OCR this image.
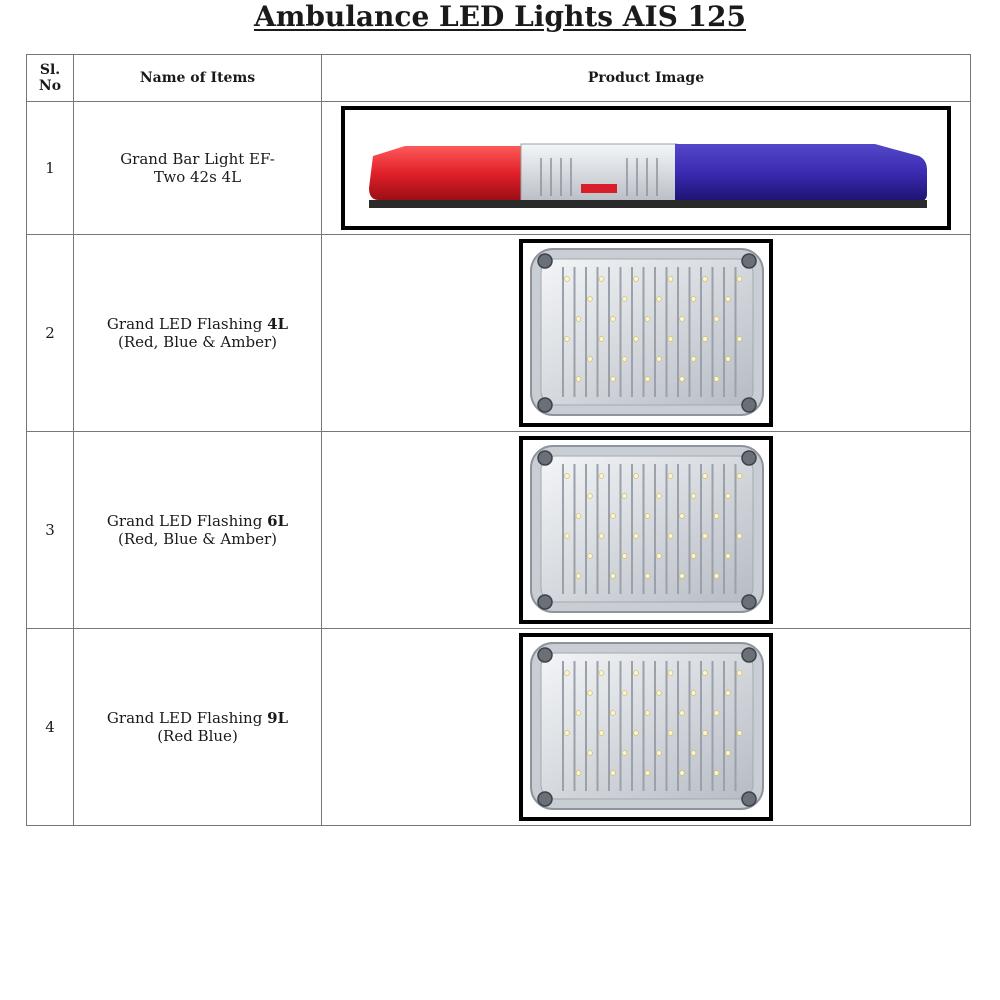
Ambulance LED Lights AIS 125
Sl.
No	Name of Items	Product Image
1	Grand Bar Light EF-
Two 42s 4L

2	Grand LED Flashing 4L
(Red, Blue & Amber)

3	Grand LED Flashing 6L
(Red, Blue & Amber)

4	Grand LED Flashing 9L
(Red Blue)
